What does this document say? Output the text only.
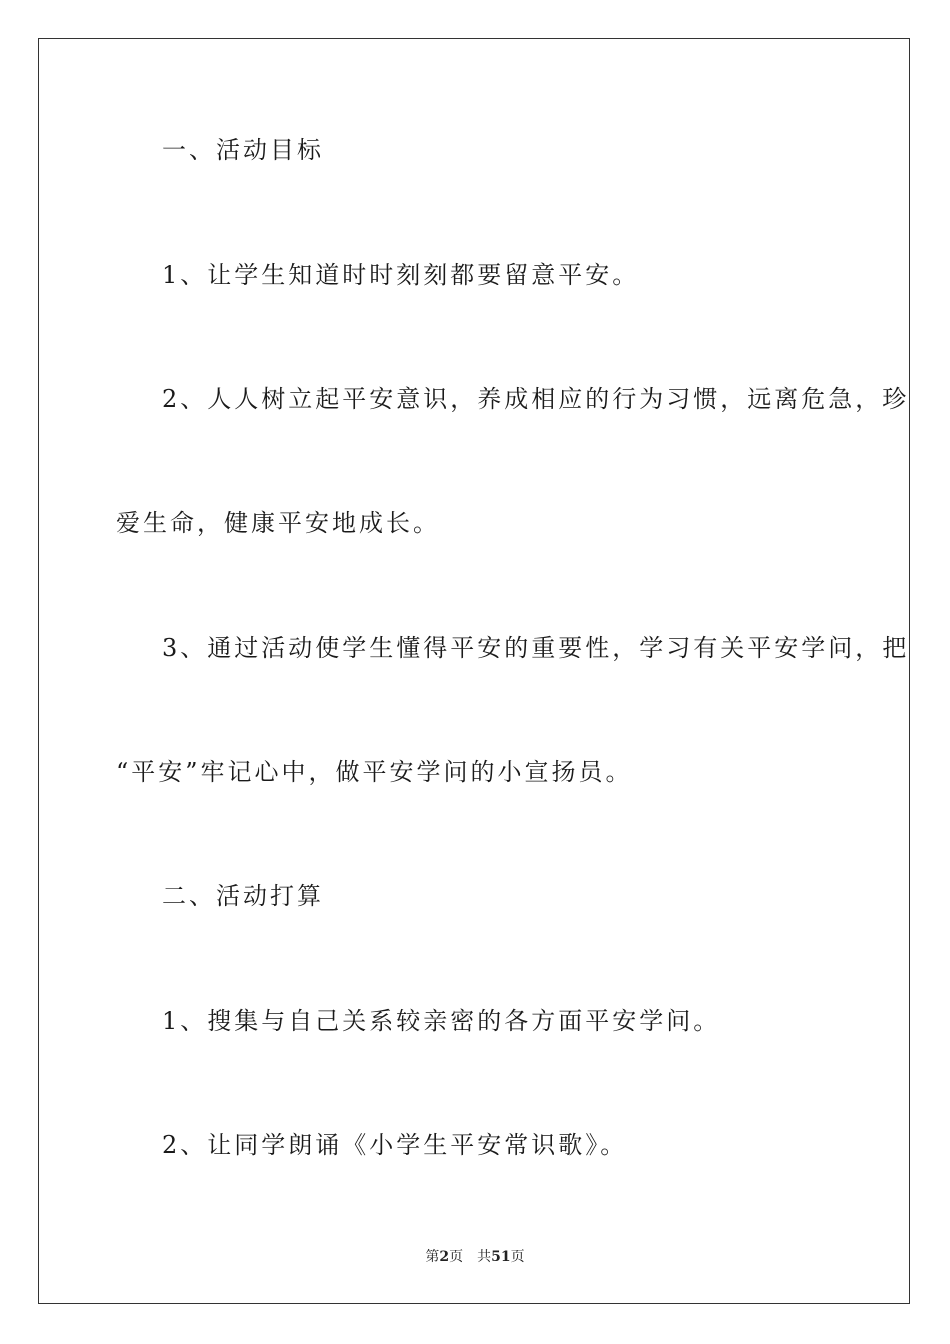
一、活动目标
1、让学生知道时时刻刻都要留意平安。
2、人人树立起平安意识，养成相应的行为习惯，远离危急，珍
爱生命，健康平安地成长。
3、通过活动使学生懂得平安的重要性，学习有关平安学问，把
“平安”牢记心中，做平安学问的小宣扬员。
二、活动打算
1、搜集与自己关系较亲密的各方面平安学问。
2、让同学朗诵《小学生平安常识歌》。
第2页 共51页
